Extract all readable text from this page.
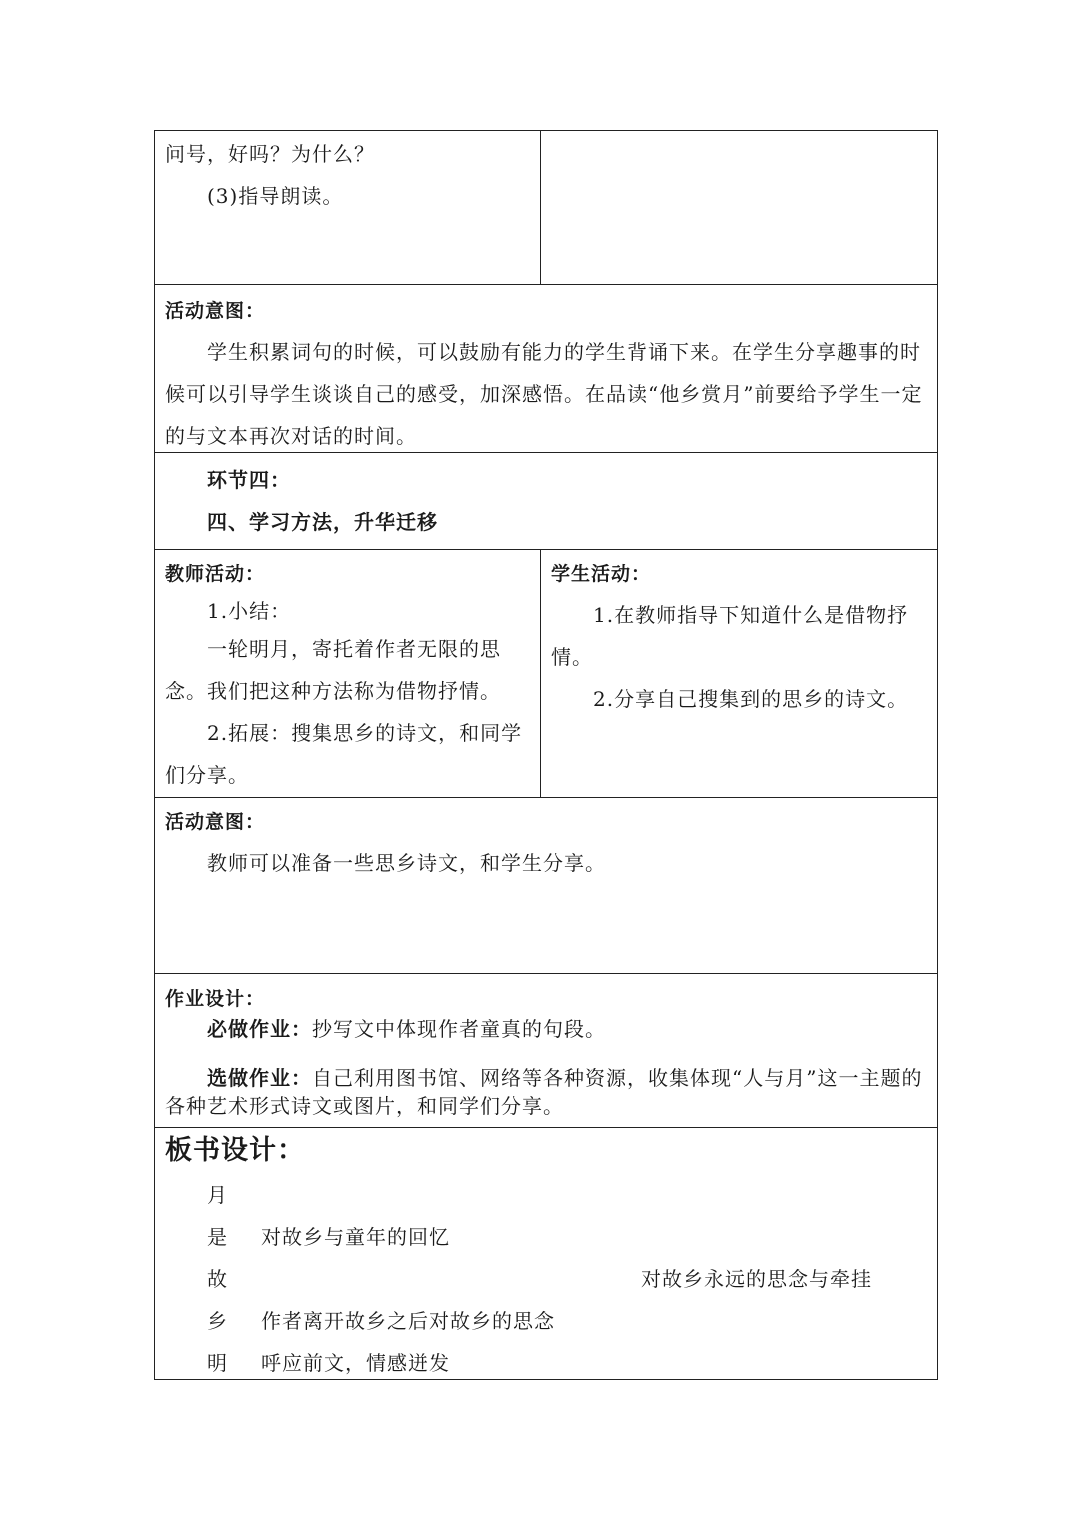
问号，好吗？为什么？

(3)指导朗读。

活动意图：

学生积累词句的时候，可以鼓励有能力的学生背诵下来。在学生分享趣事的时候可以引导学生谈谈自己的感受，加深感悟。在品读“他乡赏月”前要给予学生一定的与文本再次对话的时间。

环节四：

四、学习方法，升华迁移

教师活动：

1.小结：

一轮明月，寄托着作者无限的思念。我们把这种方法称为借物抒情。

2.拓展：搜集思乡的诗文，和同学们分享。

学生活动：

1.在教师指导下知道什么是借物抒情。

2.分享自己搜集到的思乡的诗文。

活动意图：

教师可以准备一些思乡诗文，和学生分享。

作业设计：

必做作业：抄写文中体现作者童真的句段。

选做作业：自己利用图书馆、网络等各种资源，收集体现“人与月”这一主题的各种艺术形式诗文或图片，和同学们分享。

板书设计：

月
是	对故乡与童年的回忆
故	对故乡永远的思念与牵挂
乡	作者离开故乡之后对故乡的思念
明	呼应前文，情感迸发
